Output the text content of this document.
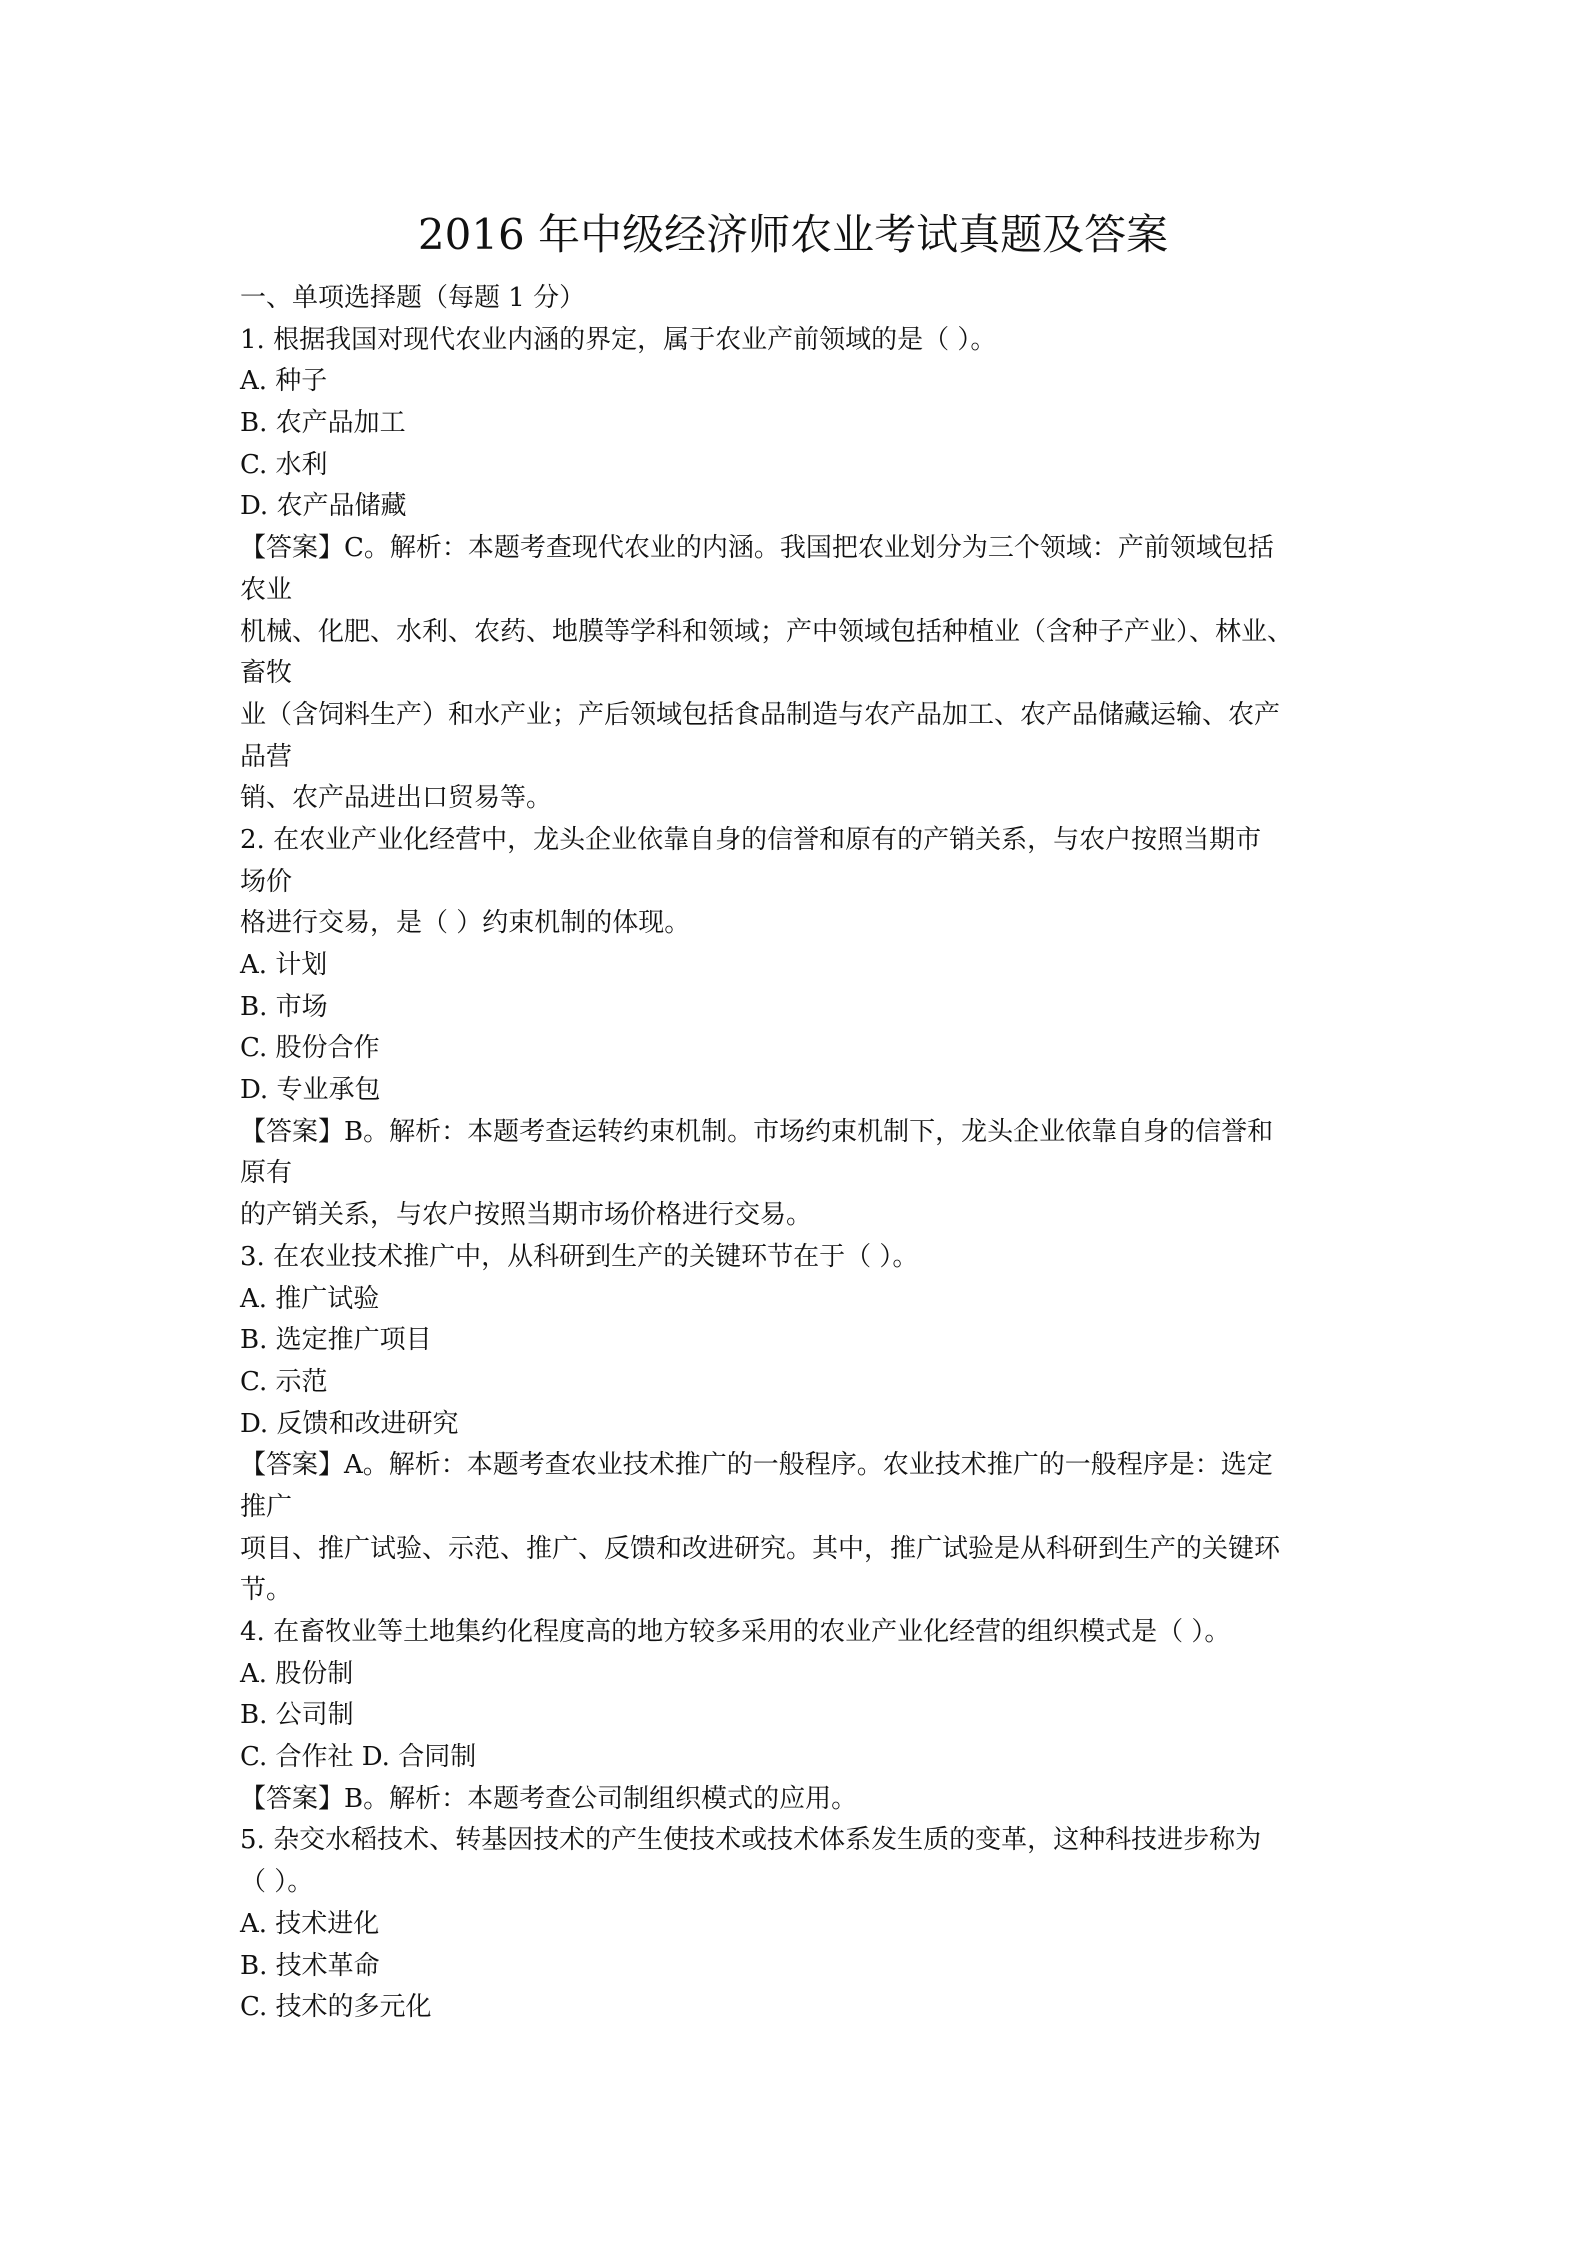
2016 年中级经济师农业考试真题及答案
一、单项选择题（每题 1 分）
1. 根据我国对现代农业内涵的界定，属于农业产前领域的是（ ）。
A. 种子
B. 农产品加工
C. 水利
D. 农产品储藏
【答案】C。解析：本题考查现代农业的内涵。我国把农业划分为三个领域：产前领域包括
农业
机械、化肥、水利、农药、地膜等学科和领域；产中领域包括种植业（含种子产业）、林业、
畜牧
业（含饲料生产）和水产业；产后领域包括食品制造与农产品加工、农产品储藏运输、农产
品营
销、农产品进出口贸易等。
2. 在农业产业化经营中，龙头企业依靠自身的信誉和原有的产销关系，与农户按照当期市
场价
格进行交易，是（ ）约束机制的体现。
A. 计划
B. 市场
C. 股份合作
D. 专业承包
【答案】B。解析：本题考查运转约束机制。市场约束机制下，龙头企业依靠自身的信誉和
原有
的产销关系，与农户按照当期市场价格进行交易。
3. 在农业技术推广中，从科研到生产的关键环节在于（ ）。
A. 推广试验
B. 选定推广项目
C. 示范
D. 反馈和改进研究
【答案】A。解析：本题考查农业技术推广的一般程序。农业技术推广的一般程序是：选定
推广
项目、推广试验、示范、推广、反馈和改进研究。其中，推广试验是从科研到生产的关键环
节。
4. 在畜牧业等土地集约化程度高的地方较多采用的农业产业化经营的组织模式是（ ）。
A. 股份制
B. 公司制
C. 合作社 D. 合同制
【答案】B。解析：本题考查公司制组织模式的应用。
5. 杂交水稻技术、转基因技术的产生使技术或技术体系发生质的变革，这种科技进步称为
（ ）。
A. 技术进化
B. 技术革命
C. 技术的多元化
